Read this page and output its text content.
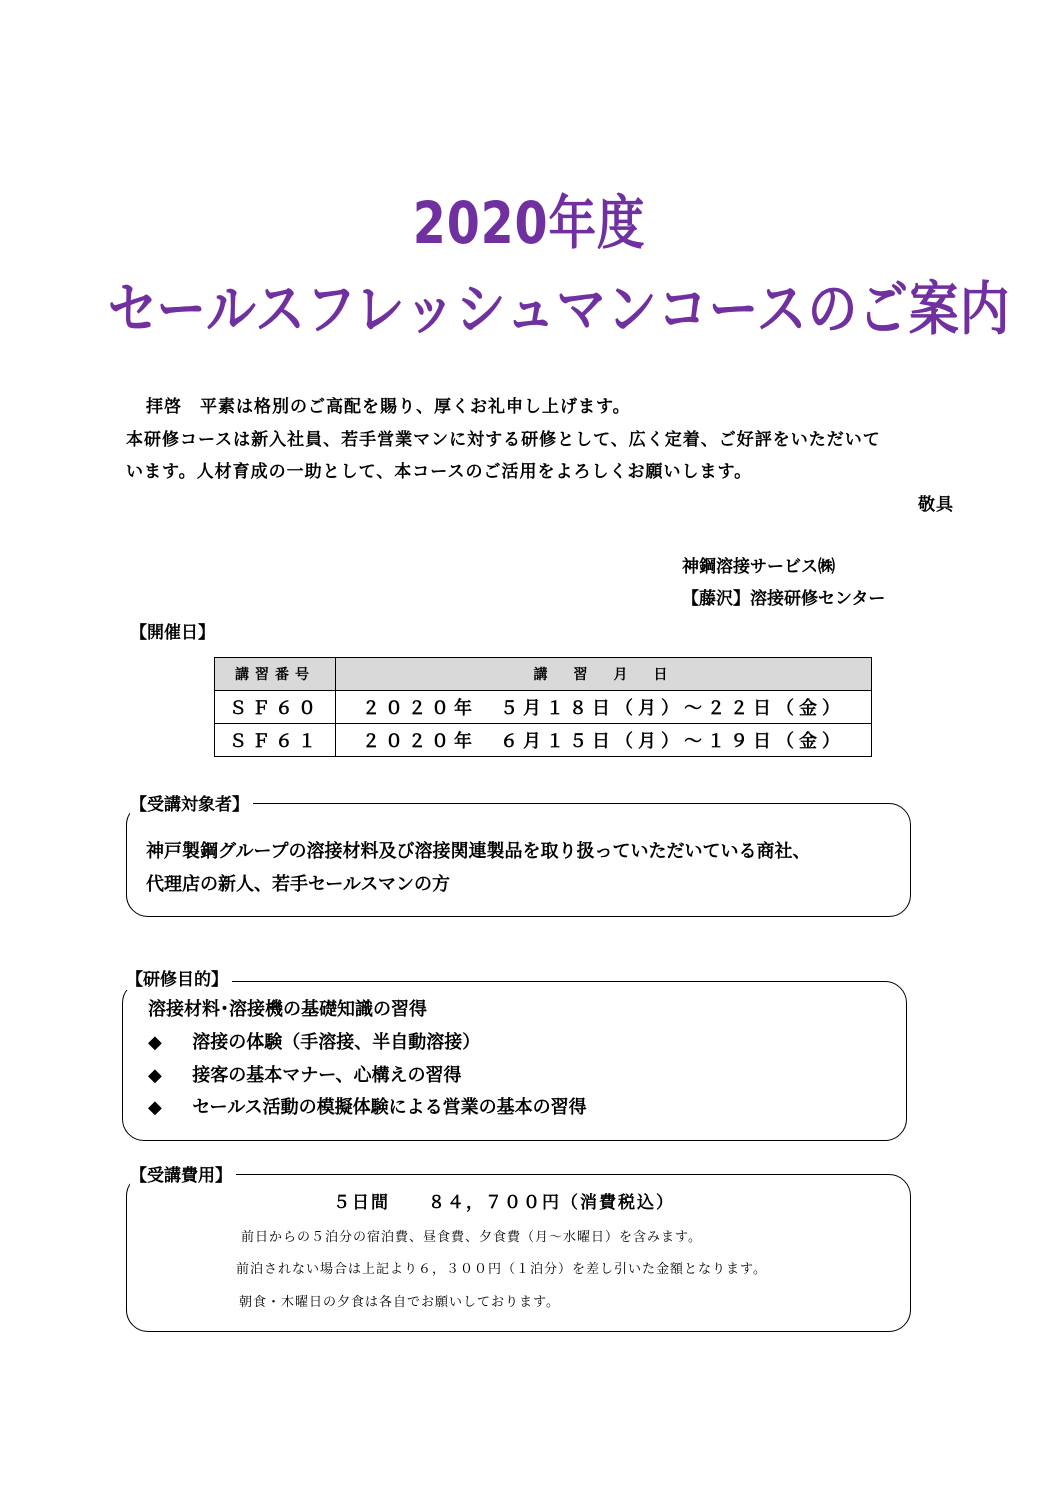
2020年度
セールスフレッシュマンコースのご案内
拝啓　平素は格別のご高配を賜り、厚くお礼申し上げます。
本研修コースは新入社員、若手営業マンに対する研修として、広く定着、ご好評をいただいて
います。人材育成の一助として、本コースのご活用をよろしくお願いします。
敬具
神鋼溶接サービス㈱
【藤沢】溶接研修センター
【開催日】
講習番号	講　習　月　日
ＳＦ６０	２０２０年　５月１８日（月）～２２日（金）
ＳＦ６１	２０２０年　６月１５日（月）～１９日（金）
【受講対象者】
神戸製鋼グループの溶接材料及び溶接関連製品を取り扱っていただいている商社、
代理店の新人、若手セールスマンの方
【研修目的】
溶接材料･溶接機の基礎知識の習得
◆ 溶接の体験（手溶接、半自動溶接）
◆ 接客の基本マナー、心構えの習得
◆ セールス活動の模擬体験による営業の基本の習得
【受講費用】
５日間　　８４，７００円（消費税込）
前日からの５泊分の宿泊費、昼食費、夕食費（月～水曜日）を含みます。
前泊されない場合は上記より６，３００円（１泊分）を差し引いた金額となります。
朝食・木曜日の夕食は各自でお願いしております。
